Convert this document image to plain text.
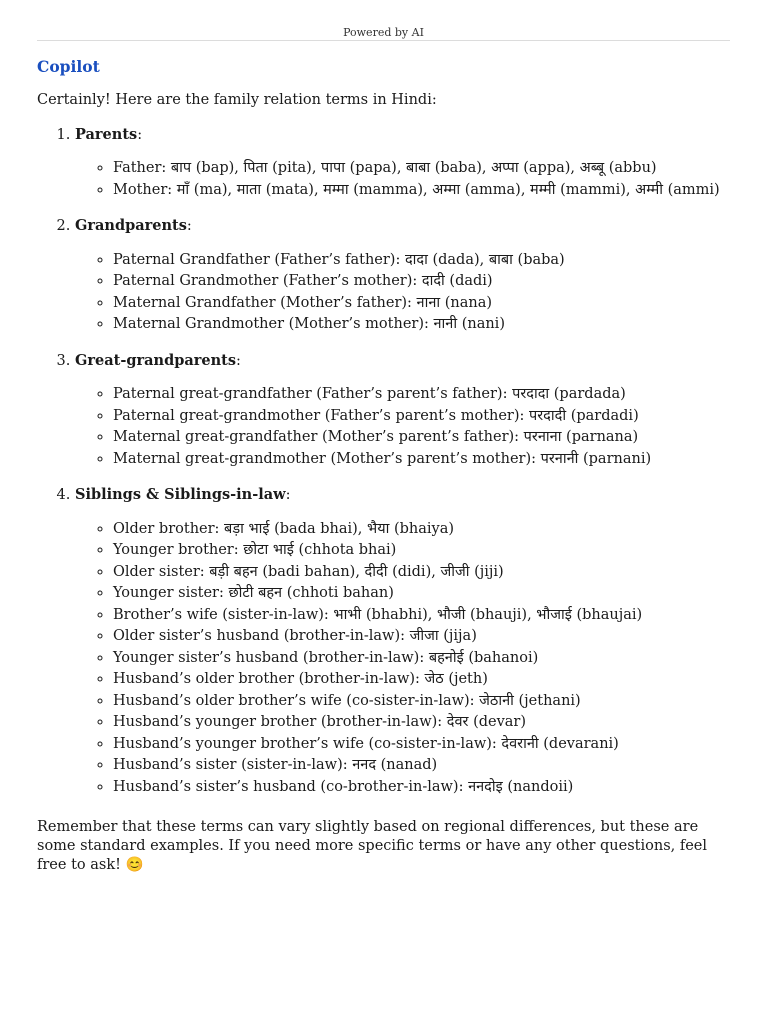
Powered by AI
Copilot
Certainly! Here are the family relation terms in Hindi:
1. Parents:
◦ Father: बाप (bap), पिता (pita), पापा (papa), बाबा (baba), अप्पा (appa), अब्बू (abbu)
◦ Mother: माँ (ma), माता (mata), मम्मा (mamma), अम्मा (amma), मम्मी (mammi), अम्मी (ammi)
2. Grandparents:
◦ Paternal Grandfather (Father’s father): दादा (dada), बाबा (baba)
◦ Paternal Grandmother (Father’s mother): दादी (dadi)
◦ Maternal Grandfather (Mother’s father): नाना (nana)
◦ Maternal Grandmother (Mother’s mother): नानी (nani)
3. Great-grandparents:
◦ Paternal great-grandfather (Father’s parent’s father): परदादा (pardada)
◦ Paternal great-grandmother (Father’s parent’s mother): परदादी (pardadi)
◦ Maternal great-grandfather (Mother’s parent’s father): परनाना (parnana)
◦ Maternal great-grandmother (Mother’s parent’s mother): परनानी (parnani)
4. Siblings & Siblings-in-law:
◦ Older brother: बड़ा भाई (bada bhai), भैया (bhaiya)
◦ Younger brother: छोटा भाई (chhota bhai)
◦ Older sister: बड़ी बहन (badi bahan), दीदी (didi), जीजी (jiji)
◦ Younger sister: छोटी बहन (chhoti bahan)
◦ Brother’s wife (sister-in-law): भाभी (bhabhi), भौजी (bhauji), भौजाई (bhaujai)
◦ Older sister’s husband (brother-in-law): जीजा (jija)
◦ Younger sister’s husband (brother-in-law): बहनोई (bahanoi)
◦ Husband’s older brother (brother-in-law): जेठ (jeth)
◦ Husband’s older brother’s wife (co-sister-in-law): जेठानी (jethani)
◦ Husband’s younger brother (brother-in-law): देवर (devar)
◦ Husband’s younger brother’s wife (co-sister-in-law): देवरानी (devarani)
◦ Husband’s sister (sister-in-law): ननद (nanad)
◦ Husband’s sister’s husband (co-brother-in-law): ननदोइ (nandoii)
Remember that these terms can vary slightly based on regional differences, but these are some standard examples. If you need more specific terms or have any other questions, feel free to ask! 😊
